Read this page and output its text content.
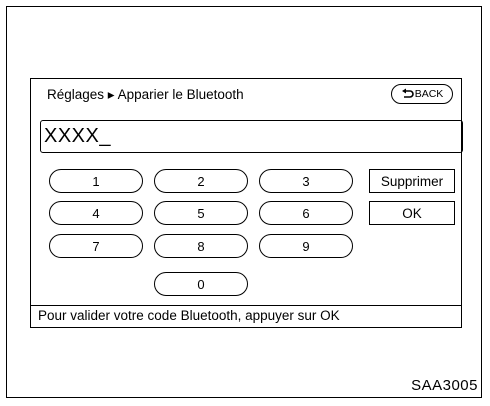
Réglages ▸ Apparier le Bluetooth	BACK
XXXX_
1	2	3
4	5	6
7	8	9
0
Supprimer
OK
Pour valider votre code Bluetooth, appuyer sur OK
SAA3005
